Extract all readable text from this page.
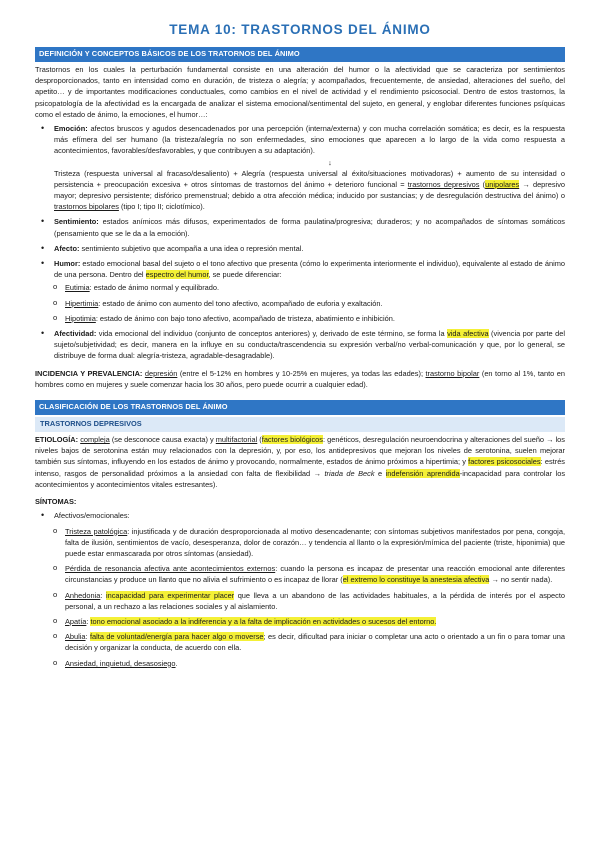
TEMA 10: TRASTORNOS DEL ÁNIMO
DEFINICIÓN Y CONCEPTOS BÁSICOS DE LOS TRATORNOS DEL ÁNIMO

Trastornos en los cuales la perturbación fundamental consiste en una alteración del humor o la afectividad que se caracteriza por sentimientos desproporcionados, tanto en intensidad como en duración, de tristeza o alegría; y acompañados, frecuentemente, de ansiedad, alteraciones del sueño, del apetito… y de importantes modificaciones conductuales, como cambios en el nivel de actividad y el rendimiento psicosocial. Dentro de estos trastornos, la psicopatología de la afectividad es la encargada de analizar el sistema emocional/sentimental del sujeto, en general, y englobar diferentes funciones psíquicas como el estado de ánimo, la emociones, el humor…:

• Emoción: afectos bruscos y agudos desencadenados por una percepción (interna/externa) y con mucha correlación somática; es decir, es la respuesta más efímera del ser humano (la tristeza/alegría no son enfermedades, sino emociones que aparecen a lo largo de la vida como respuesta a acontecimientos, favorables/desfavorables, y que contribuyen a su adaptación).
↓

Tristeza (respuesta universal al fracaso/desaliento) + Alegría (respuesta universal al éxito/situaciones motivadoras) + aumento de su intensidad o persistencia + preocupación excesiva + otros síntomas de trastornos del ánimo + deterioro funcional = trastornos depresivos (unipolares → depresivo mayor; depresivo persistente; disfórico premenstrual; debido a otra afección médica; inducido por sustancias; y de desregulación destructiva del ánimo) o trastornos bipolares (tipo I; tipo II; ciclotímico).

• Sentimiento: estados anímicos más difusos, experimentados de forma paulatina/progresiva; duraderos; y no acompañados de síntomas somáticos (pensamiento que se le da a la emoción).
• Afecto: sentimiento subjetivo que acompaña a una idea o represión mental.
• Humor: estado emocional basal del sujeto o el tono afectivo que presenta (cómo lo experimenta interiormente el individuo), equivalente al estado de ánimo de una persona. Dentro del espectro del humor, se puede diferenciar:
o Eutimia: estado de ánimo normal y equilibrado.
o Hipertimia: estado de ánimo con aumento del tono afectivo, acompañado de euforia y exaltación.
o Hipotimia: estado de ánimo con bajo tono afectivo, acompañado de tristeza, abatimiento e inhibición.
• Afectividad: vida emocional del individuo (conjunto de conceptos anteriores) y, derivado de este término, se forma la vida afectiva (vivencia por parte del sujeto/subjetividad; es decir, manera en la influye en su conducta/trascendencia su expresión verbal/no verbal-comunicación y que, por lo general, se distribuye de forma dual: alegría-tristeza, agradable-desagradable).

INCIDENCIA Y PREVALENCIA: depresión (entre el 5-12% en hombres y 10-25% en mujeres, ya todas las edades); trastorno bipolar (en torno al 1%, tanto en hombres como en mujeres y suele comenzar hacia los 30 años, pero puede ocurrir a cualquier edad).

CLASIFICACIÓN DE LOS TRASTORNOS DEL ÁNIMO
TRASTORNOS DEPRESIVOS

ETIOLOGÍA: compleja (se desconoce causa exacta) y multifactorial (factores biológicos: genéticos, desregulación neuroendocrina y alteraciones del sueño → los niveles bajos de serotonina están muy relacionados con la depresión, y, por eso, los antidepresivos que mejoran los niveles de serotonina, suelen mejorar también sus síntomas, influyendo en los estados de ánimo y provocando, normalmente, estados de ánimo próximos a hipertimia; y factores psicosociales: estrés intenso, rasgos de personalidad próximos a la ansiedad con falta de flexibilidad → triada de Beck e indefensión aprendida-incapacidad para controlar los acontecimientos y acontecimientos vitales estresantes).

SÍNTOMAS:

• Afectivos/emocionales:
o Tristeza patológica: injustificada y de duración desproporcionada al motivo desencadenante; con síntomas subjetivos manifestados por pena, congoja, falta de ilusión, sentimientos de vacío, desesperanza, dolor de corazón… y tendencia al llanto o la expresión/mímica del paciente (triste, hiponimia) que puede estar enmascarada por otros síntomas (ansiedad).
o Pérdida de resonancia afectiva ante acontecimientos externos: cuando la persona es incapaz de presentar una reacción emocional ante diferentes circunstancias y produce un llanto que no alivia el sufrimiento o es incapaz de llorar (el extremo lo constituye la anestesia afectiva → no sentir nada).
o Anhedonia: incapacidad para experimentar placer que lleva a un abandono de las actividades habituales, a la pérdida de interés por el aspecto personal, a un rechazo a las relaciones sociales y al aislamiento.
o Apatía: tono emocional asociado a la indiferencia y a la falta de implicación en actividades o sucesos del entorno.
o Abulia: falta de voluntad/energía para hacer algo o moverse; es decir, dificultad para iniciar o completar una acto o orientado a un fin o para tomar una decisión y organizar la conducta, de acuerdo con ella.
o Ansiedad, inquietud, desasosiego.
